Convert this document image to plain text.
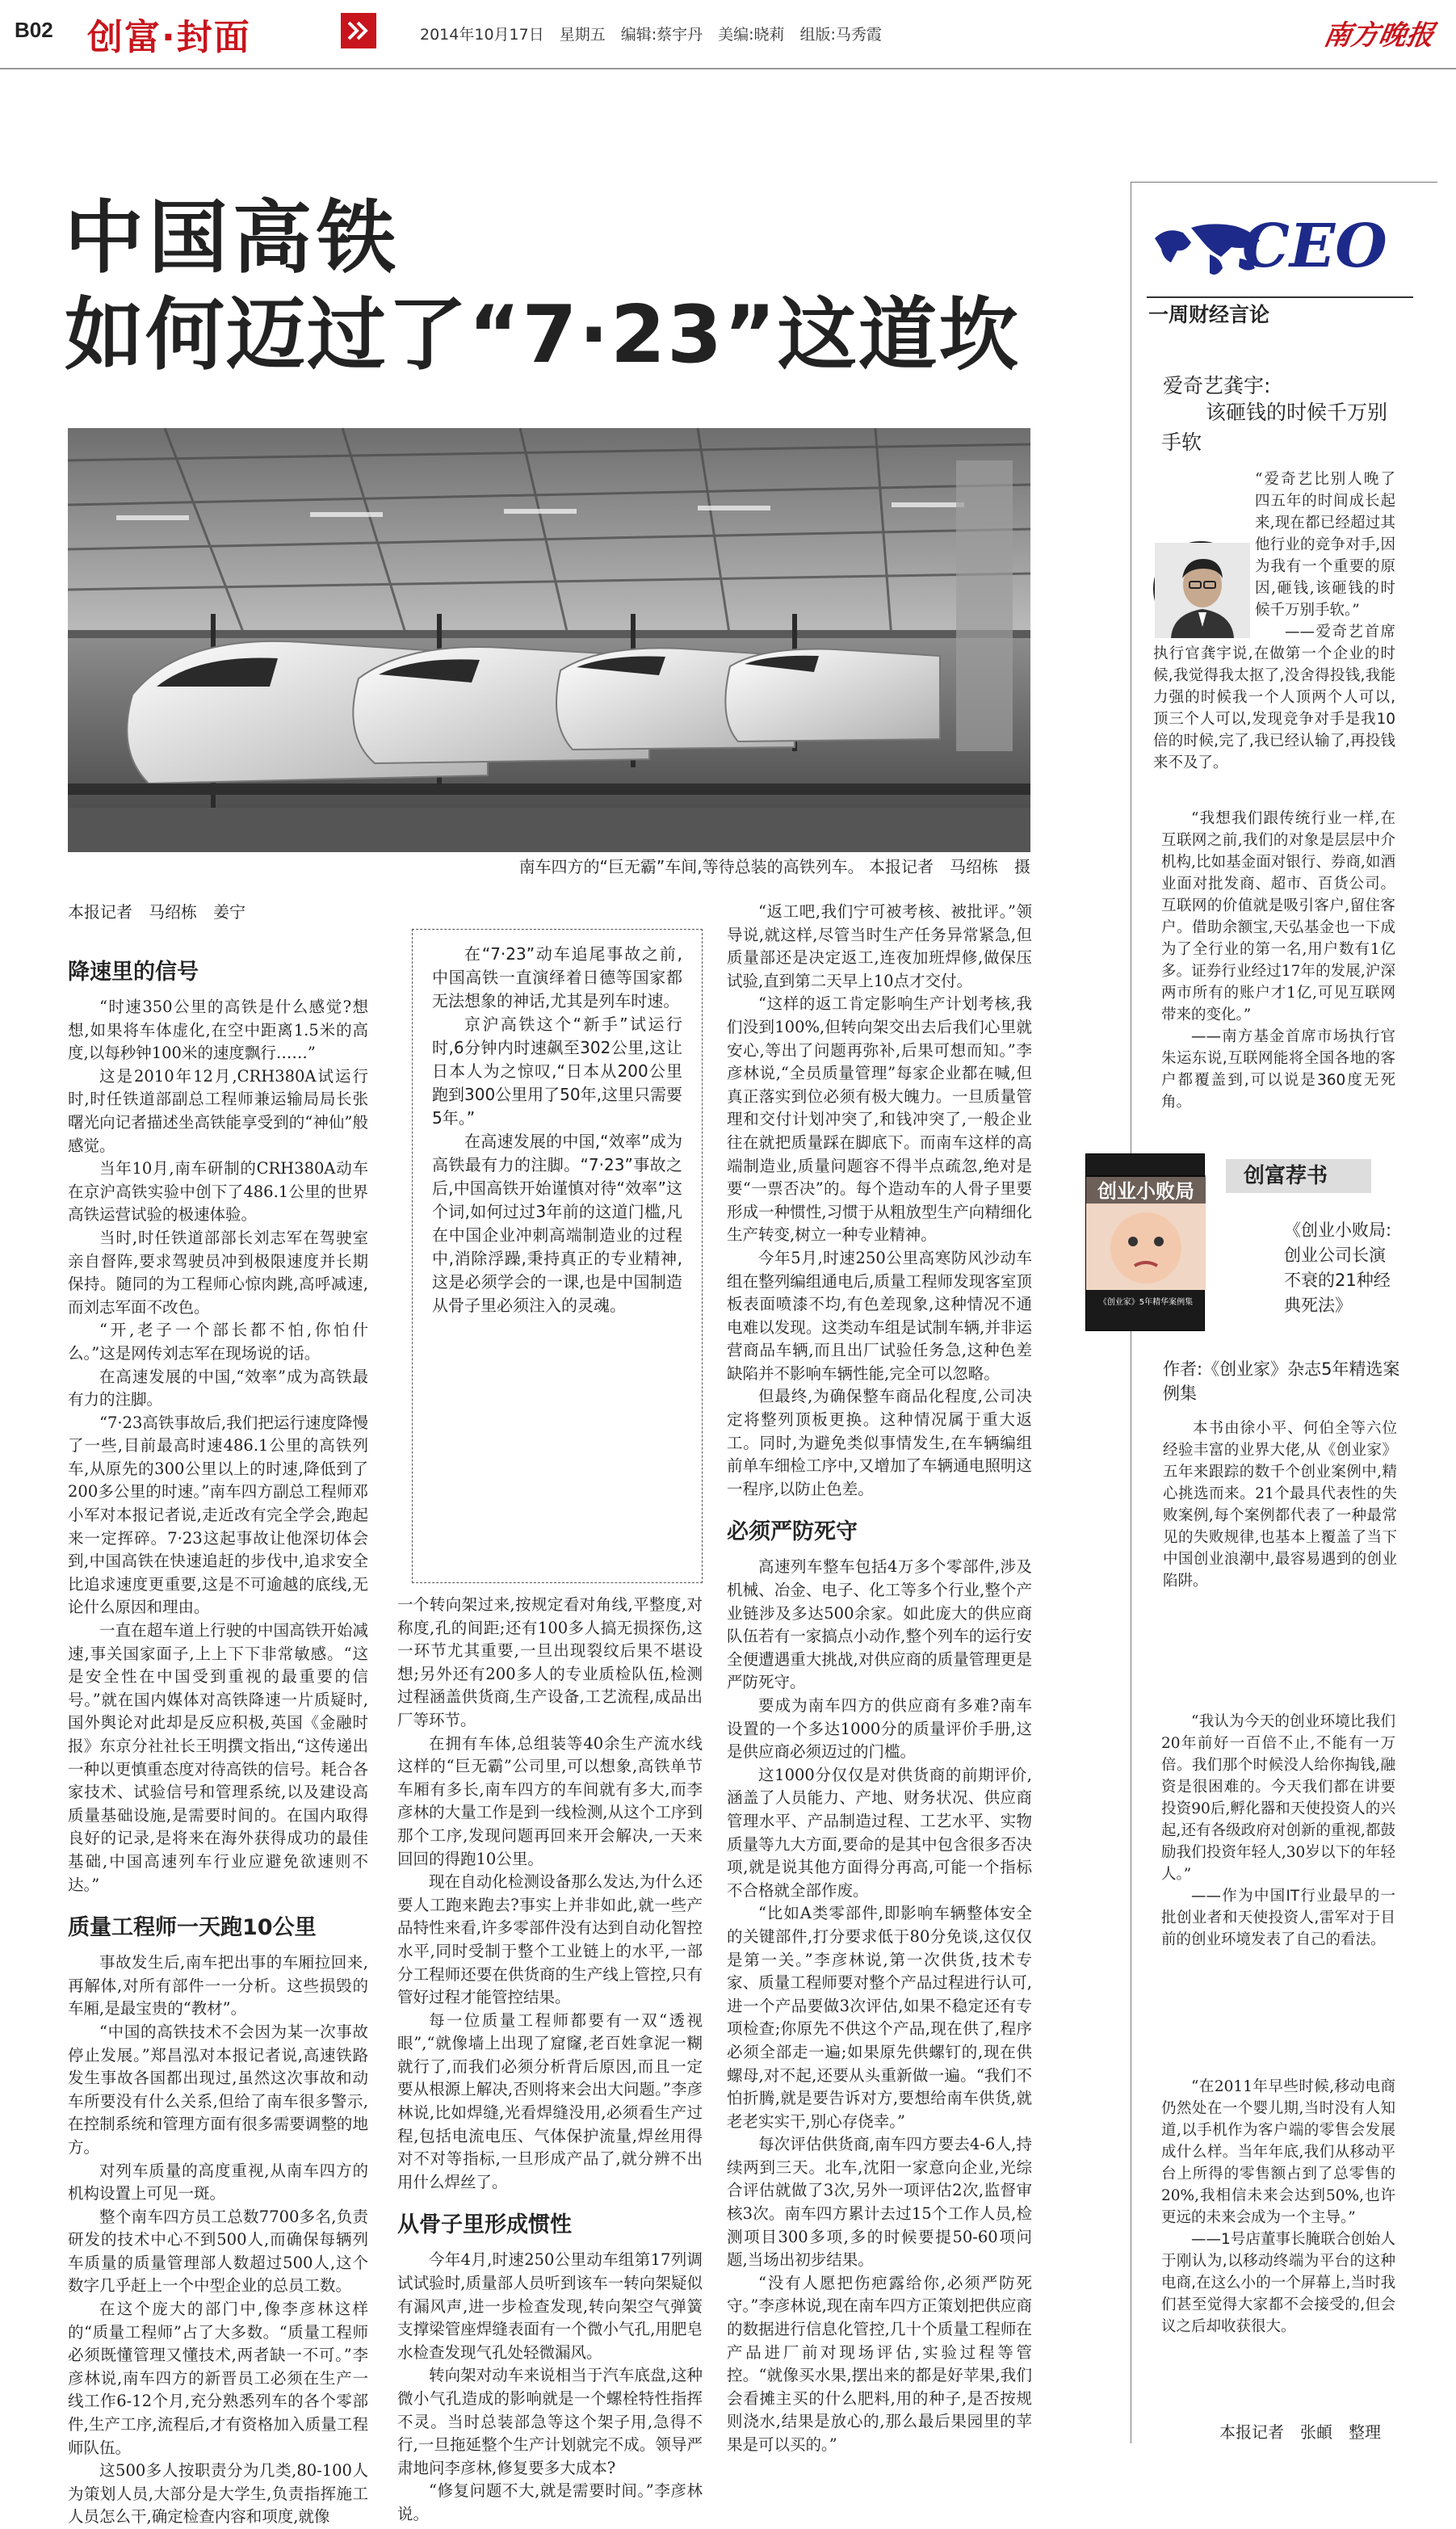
B02 创富·封面	2014年10月17日　星期五　编辑:蔡宇丹　美编:晓莉　组版:马秀霞	南方晚报
中国高铁
如何迈过了“7·23”这道坎
南车四方的“巨无霸”车间,等待总装的高铁列车。 本报记者　马绍栋　摄
本报记者　马绍栋　姜宁
降速里的信号

“时速350公里的高铁是什么感觉?想想,如果将车体虚化,在空中距离1.5米的高度,以每秒钟100米的速度飘行……”

这是2010年12月,CRH380A试运行时,时任铁道部副总工程师兼运输局局长张曙光向记者描述坐高铁能享受到的“神仙”般感觉。

当年10月,南车研制的CRH380A动车在京沪高铁实验中创下了486.1公里的世界高铁运营试验的极速体验。

当时,时任铁道部部长刘志军在驾驶室亲自督阵,要求驾驶员冲到极限速度并长期保持。随同的为工程师心惊肉跳,高呼减速,而刘志军面不改色。

“开,老子一个部长都不怕,你怕什么。”这是网传刘志军在现场说的话。

在高速发展的中国,“效率”成为高铁最有力的注脚。

“7·23高铁事故后,我们把运行速度降慢了一些,目前最高时速486.1公里的高铁列车,从原先的300公里以上的时速,降低到了200多公里的时速。”南车四方副总工程师邓小军对本报记者说,走近改有完全学会,跑起来一定挥碎。7·23这起事故让他深切体会到,中国高铁在快速追赶的步伐中,追求安全比追求速度更重要,这是不可逾越的底线,无论什么原因和理由。

一直在超车道上行驶的中国高铁开始减速,事关国家面子,上上下下非常敏感。“这是安全性在中国受到重视的最重要的信号。”就在国内媒体对高铁降速一片质疑时,国外舆论对此却是反应积极,英国《金融时报》东京分社社长王明撰文指出,“这传递出一种以更慎重态度对待高铁的信号。耗合各家技术、试验信号和管理系统,以及建设高质量基础设施,是需要时间的。在国内取得良好的记录,是将来在海外获得成功的最佳基础,中国高速列车行业应避免欲速则不达。”

质量工程师一天跑10公里

事故发生后,南车把出事的车厢拉回来,再解体,对所有部件一一分析。这些损毁的车厢,是最宝贵的“教材”。

“中国的高铁技术不会因为某一次事故停止发展。”郑昌泓对本报记者说,高速铁路发生事故各国都出现过,虽然这次事故和动车所要没有什么关系,但给了南车很多警示,在控制系统和管理方面有很多需要调整的地方。

对列车质量的高度重视,从南车四方的机构设置上可见一斑。

整个南车四方员工总数7700多名,负责研发的技术中心不到500人,而确保每辆列车质量的质量管理部人数超过500人,这个数字几乎赶上一个中型企业的总员工数。

在这个庞大的部门中,像李彦林这样的“质量工程师”占了大多数。“质量工程师必须既懂管理又懂技术,两者缺一不可。”李彦林说,南车四方的新晋员工必须在生产一线工作6-12个月,充分熟悉列车的各个零部件,生产工序,流程后,才有资格加入质量工程师队伍。

这500多人按职责分为几类,80-100人为策划人员,大部分是大学生,负责指挥施工人员怎么干,确定检查内容和项度,就像

在“7·23”动车追尾事故之前,中国高铁一直演绎着日德等国家都无法想象的神话,尤其是列车时速。

京沪高铁这个“新手”试运行时,6分钟内时速飙至302公里,这让日本人为之惊叹,“日本从200公里跑到300公里用了50年,这里只需要5年。”

在高速发展的中国,“效率”成为高铁最有力的注脚。“7·23”事故之后,中国高铁开始谨慎对待“效率”这个词,如何过过3年前的这道门槛,凡在中国企业冲刺高端制造业的过程中,消除浮躁,秉持真正的专业精神,这是必须学会的一课,也是中国制造从骨子里必须注入的灵魂。

一个转向架过来,按规定看对角线,平整度,对称度,孔的间距;还有100多人搞无损探伤,这一环节尤其重要,一旦出现裂纹后果不堪设想;另外还有200多人的专业质检队伍,检测过程涵盖供货商,生产设备,工艺流程,成品出厂等环节。

在拥有车体,总组装等40余生产流水线这样的“巨无霸”公司里,可以想象,高铁单节车厢有多长,南车四方的车间就有多大,而李彦林的大量工作是到一线检测,从这个工序到那个工序,发现问题再回来开会解决,一天来回回的得跑10公里。

现在自动化检测设备那么发达,为什么还要人工跑来跑去?事实上并非如此,就一些产品特性来看,许多零部件没有达到自动化智控水平,同时受制于整个工业链上的水平,一部分工程师还要在供货商的生产线上管控,只有管好过程才能管控结果。

每一位质量工程师都要有一双“透视眼”,“就像墙上出现了窟窿,老百姓拿泥一糊就行了,而我们必须分析背后原因,而且一定要从根源上解决,否则将来会出大问题。”李彦林说,比如焊缝,光看焊缝没用,必须看生产过程,包括电流电压、气体保护流量,焊丝用得对不对等指标,一旦形成产品了,就分辨不出用什么焊丝了。

从骨子里形成惯性

今年4月,时速250公里动车组第17列调试试验时,质量部人员听到该车一转向架疑似有漏风声,进一步检查发现,转向架空气弹簧支撑梁管座焊缝表面有一个微小气孔,用肥皂水检查发现气孔处轻微漏风。

转向架对动车来说相当于汽车底盘,这种微小气孔造成的影响就是一个螺栓特性指挥不灵。当时总装部急等这个架子用,急得不行,一旦拖延整个生产计划就完不成。领导严肃地问李彦林,修复要多大成本?

“修复问题不大,就是需要时间。”李彦林说。

“返工吧,我们宁可被考核、被批评。”领导说,就这样,尽管当时生产任务异常紧急,但质量部还是决定返工,连夜加班焊修,做保压试验,直到第二天早上10点才交付。

“这样的返工肯定影响生产计划考核,我们没到100%,但转向架交出去后我们心里就安心,等出了问题再弥补,后果可想而知。”李彦林说,“全员质量管理”每家企业都在喊,但真正落实到位必须有极大魄力。一旦质量管理和交付计划冲突了,和钱冲突了,一般企业往在就把质量踩在脚底下。而南车这样的高端制造业,质量问题容不得半点疏忽,绝对是要“一票否决”的。每个造动车的人骨子里要形成一种惯性,习惯于从粗放型生产向精细化生产转变,树立一种专业精神。

今年5月,时速250公里高寒防风沙动车组在整列编组通电后,质量工程师发现客室顶板表面喷漆不均,有色差现象,这种情况不通电难以发现。这类动车组是试制车辆,并非运营商品车辆,而且出厂试验任务急,这种色差缺陷并不影响车辆性能,完全可以忽略。

但最终,为确保整车商品化程度,公司决定将整列顶板更换。这种情况属于重大返工。同时,为避免类似事情发生,在车辆编组前单车细检工序中,又增加了车辆通电照明这一程序,以防止色差。

必须严防死守

高速列车整车包括4万多个零部件,涉及机械、冶金、电子、化工等多个行业,整个产业链涉及多达500余家。如此庞大的供应商队伍若有一家搞点小动作,整个列车的运行安全便遭遇重大挑战,对供应商的质量管理更是严防死守。

要成为南车四方的供应商有多难?南车设置的一个多达1000分的质量评价手册,这是供应商必须迈过的门槛。

这1000分仅仅是对供货商的前期评价,涵盖了人员能力、产地、财务状况、供应商管理水平、产品制造过程、工艺水平、实物质量等九大方面,要命的是其中包含很多否决项,就是说其他方面得分再高,可能一个指标不合格就全部作废。

“比如A类零部件,即影响车辆整体安全的关键部件,打分要求低于80分免谈,这仅仅是第一关。”李彦林说,第一次供货,技术专家、质量工程师要对整个产品过程进行认可,进一个产品要做3次评估,如果不稳定还有专项检查;你原先不供这个产品,现在供了,程序必须全部走一遍;如果原先供螺钉的,现在供螺母,对不起,还要从头重新做一遍。“我们不怕折腾,就是要告诉对方,要想给南车供货,就老老实实干,别心存侥幸。”

每次评估供货商,南车四方要去4-6人,持续两到三天。北车,沈阳一家意向企业,光综合评估就做了3次,另外一项评估2次,监督审核3次。南车四方累计去过15个工作人员,检测项目300多项,多的时候要提50-60项问题,当场出初步结果。

“没有人愿把伤疤露给你,必须严防死守。”李彦林说,现在南车四方正策划把供应商的数据进行信息化管控,几十个质量工程师在产品进厂前对现场评估,实验过程等管控。“就像买水果,摆出来的都是好苹果,我们会看摊主买的什么肥料,用的种子,是否按规则浇水,结果是放心的,那么最后果园里的苹果是可以买的。”

CEO
一周财经言论
爱奇艺龚宇:
该砸钱的时候千万别手软

“爱奇艺比别人晚了四五年的时间成长起来,现在都已经超过其他行业的竞争对手,因为我有一个重要的原因,砸钱,该砸钱的时候千万别手软。”

——爱奇艺首席执行官龚宇说,在做第一个企业的时候,我觉得我太抠了,没舍得投钱,我能力强的时候我一个人顶两个人可以,顶三个人可以,发现竞争对手是我10倍的时候,完了,我已经认输了,再投钱来不及了。

“我想我们跟传统行业一样,在互联网之前,我们的对象是层层中介机构,比如基金面对银行、券商,如酒业面对批发商、超市、百货公司。互联网的价值就是吸引客户,留住客户。借助余额宝,天弘基金也一下成为了全行业的第一名,用户数有1亿多。证券行业经过17年的发展,沪深两市所有的账户才1亿,可见互联网带来的变化。”

——南方基金首席市场执行官朱运东说,互联网能将全国各地的客户都覆盖到,可以说是360度无死角。

创业小败局
《创业家》5年精华案例集
创富荐书
《创业小败局:创业公司长演不衰的21种经典死法》
作者:《创业家》杂志5年精选案例集
本书由徐小平、何伯全等六位经验丰富的业界大佬,从《创业家》五年来跟踪的数千个创业案例中,精心挑选而来。21个最具代表性的失败案例,每个案例都代表了一种最常见的失败规律,也基本上覆盖了当下中国创业浪潮中,最容易遇到的创业陷阱。

“我认为今天的创业环境比我们20年前好一百倍不止,不能有一万倍。我们那个时候没人给你掏钱,融资是很困难的。今天我们都在讲要投资90后,孵化器和天使投资人的兴起,还有各级政府对创新的重视,都鼓励我们投资年轻人,30岁以下的年轻人。”

——作为中国IT行业最早的一批创业者和天使投资人,雷军对于目前的创业环境发表了自己的看法。

“在2011年早些时候,移动电商仍然处在一个婴儿期,当时没有人知道,以手机作为客户端的零售会发展成什么样。当年年底,我们从移动平台上所得的零售额占到了总零售的20%,我相信未来会达到50%,也许更远的未来会成为一个主导。”

——1号店董事长腌联合创始人于刚认为,以移动终端为平台的这种电商,在这么小的一个屏幕上,当时我们甚至觉得大家都不会接受的,但会议之后却收获很大。

本报记者　张頔　整理
